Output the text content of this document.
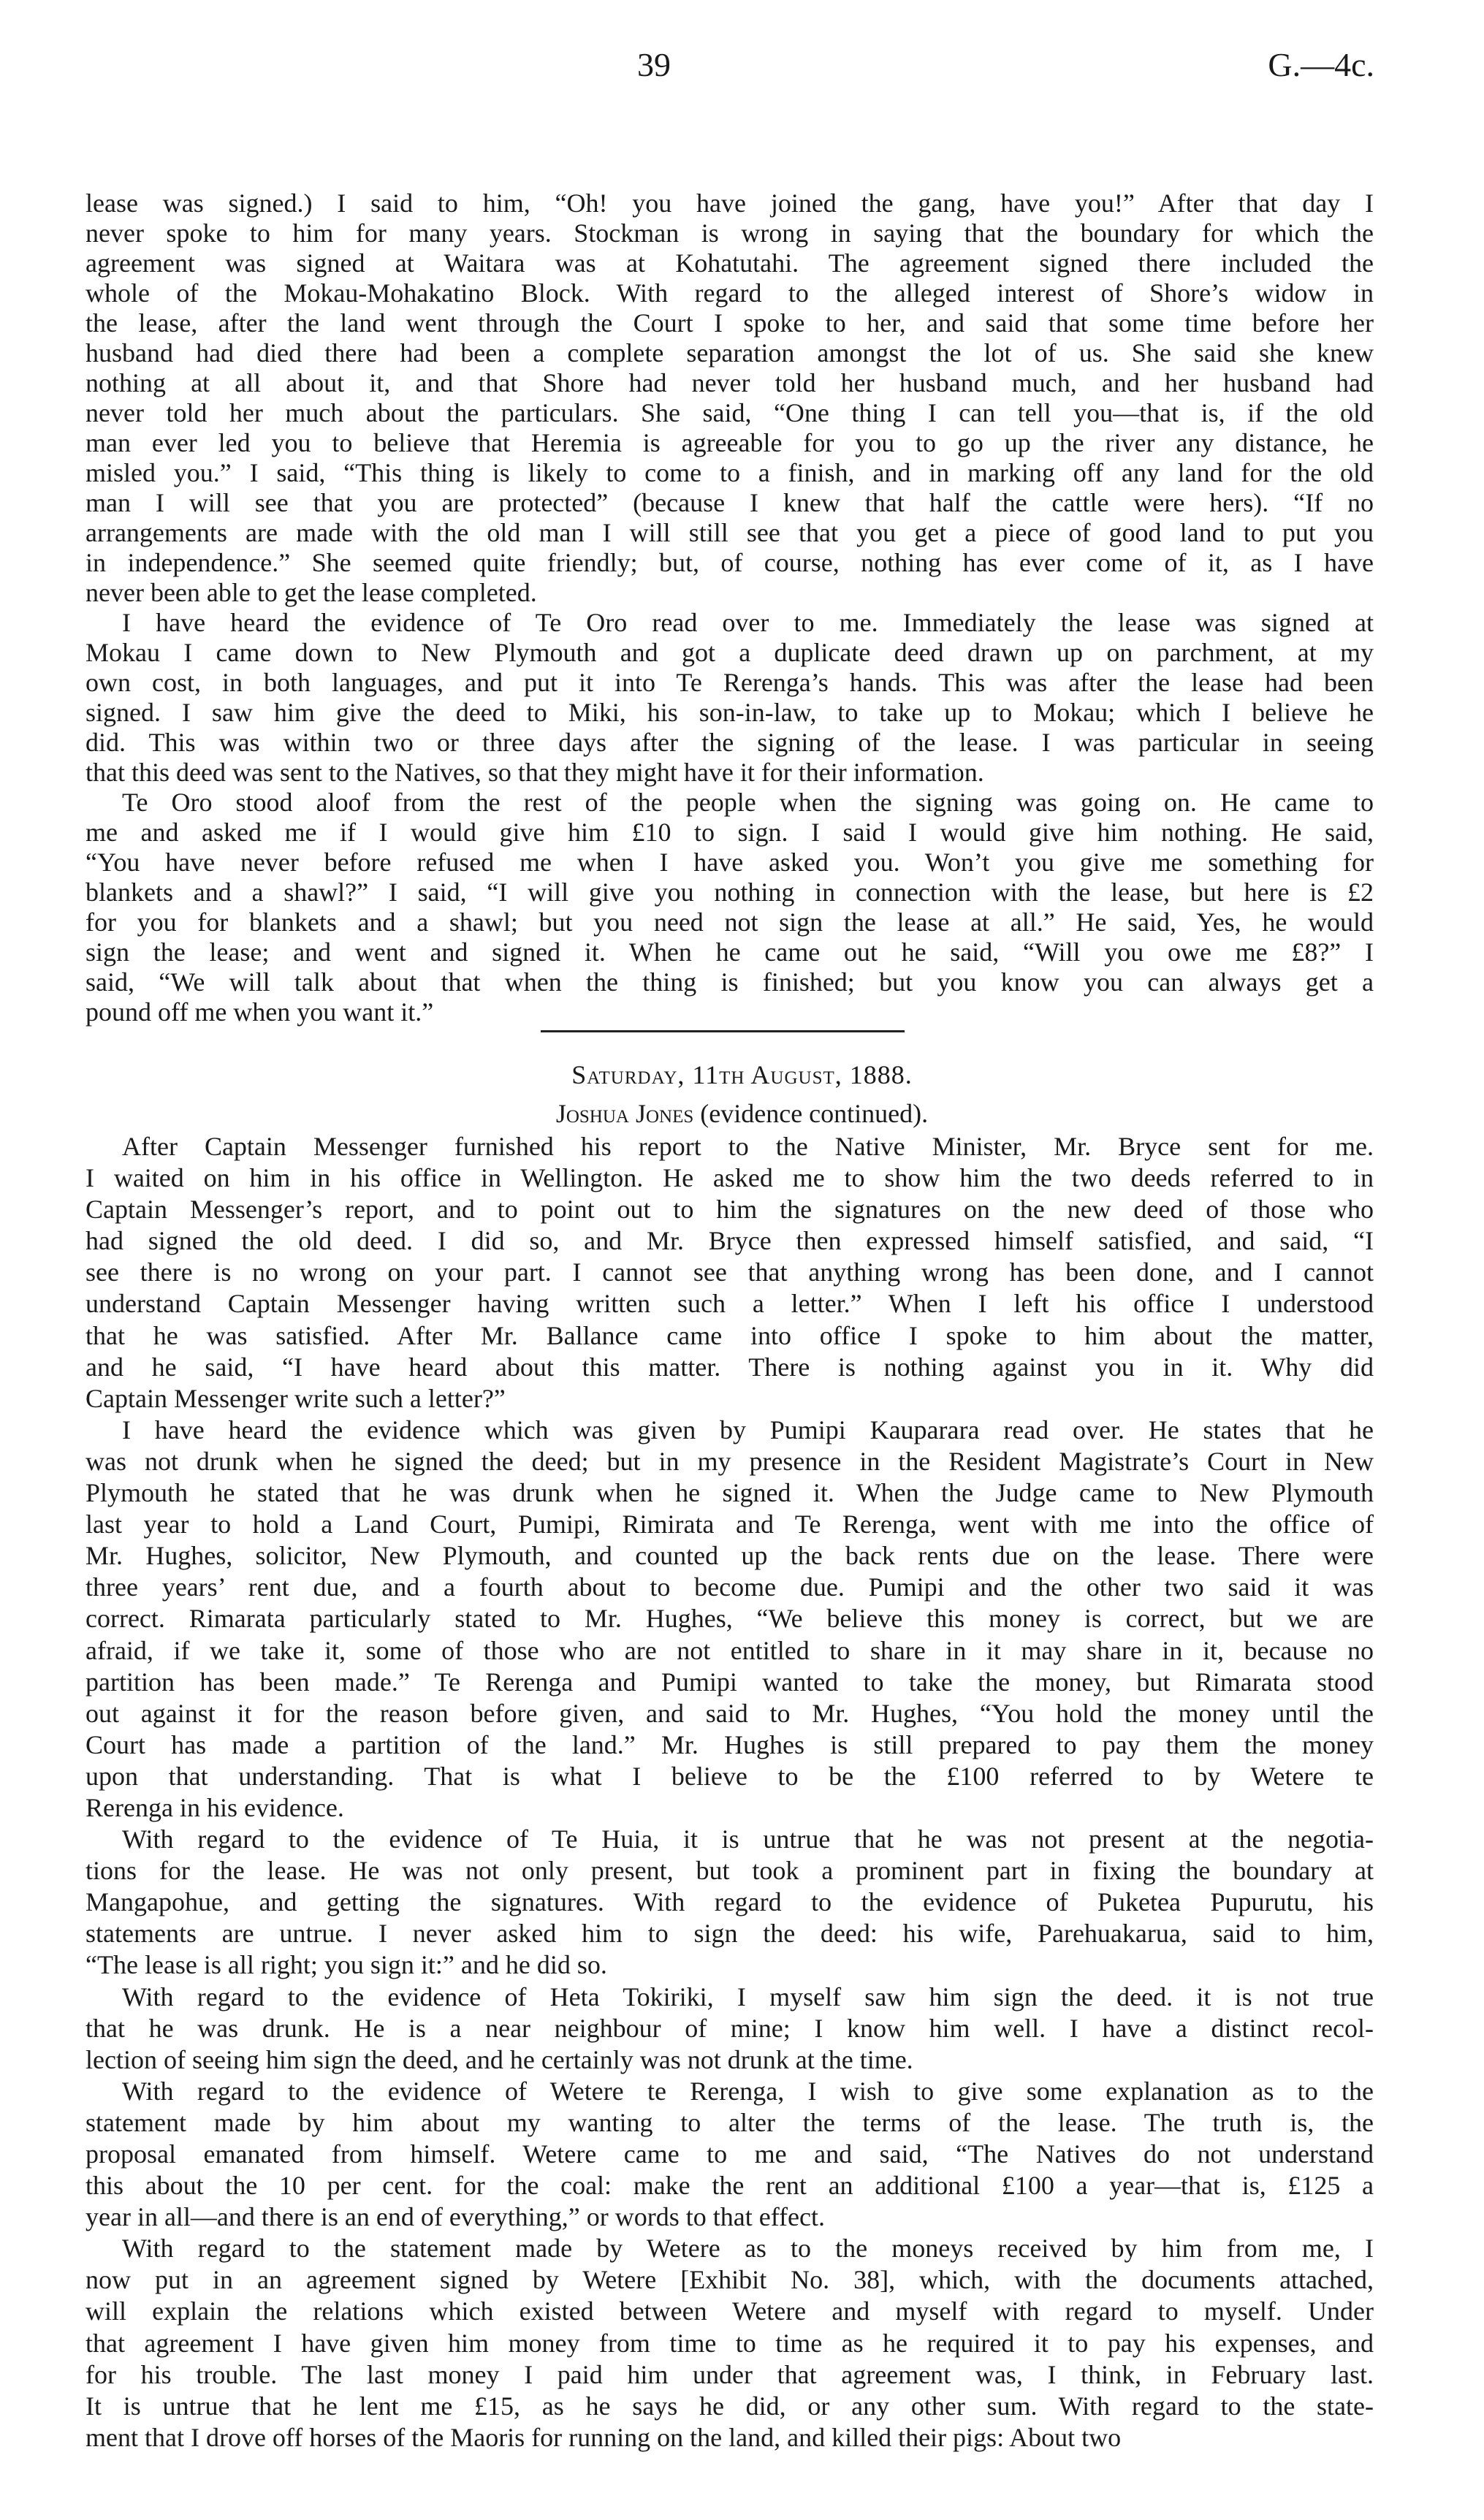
39	G.—4c.
lease was signed.) I said to him, “Oh! you have joined the gang, have you!” After that day I
never spoke to him for many years. Stockman is wrong in saying that the boundary for which the
agreement was signed at Waitara was at Kohatutahi. The agreement signed there included the
whole of the Mokau-Mohakatino Block. With regard to the alleged interest of Shore’s widow in
the lease, after the land went through the Court I spoke to her, and said that some time before her
husband had died there had been a complete separation amongst the lot of us. She said she knew
nothing at all about it, and that Shore had never told her husband much, and her husband had
never told her much about the particulars. She said, “One thing I can tell you—that is, if the old
man ever led you to believe that Heremia is agreeable for you to go up the river any distance, he
misled you.” I said, “This thing is likely to come to a finish, and in marking off any land for the old
man I will see that you are protected” (because I knew that half the cattle were hers). “If no
arrangements are made with the old man I will still see that you get a piece of good land to put you
in independence.” She seemed quite friendly; but, of course, nothing has ever come of it, as I have
never been able to get the lease completed.
I have heard the evidence of Te Oro read over to me. Immediately the lease was signed at
Mokau I came down to New Plymouth and got a duplicate deed drawn up on parchment, at my
own cost, in both languages, and put it into Te Rerenga’s hands. This was after the lease had been
signed. I saw him give the deed to Miki, his son-in-law, to take up to Mokau; which I believe he
did. This was within two or three days after the signing of the lease. I was particular in seeing
that this deed was sent to the Natives, so that they might have it for their information.
Te Oro stood aloof from the rest of the people when the signing was going on. He came to
me and asked me if I would give him £10 to sign. I said I would give him nothing. He said,
“You have never before refused me when I have asked you. Won’t you give me something for
blankets and a shawl?” I said, “I will give you nothing in connection with the lease, but here is £2
for you for blankets and a shawl; but you need not sign the lease at all.” He said, Yes, he would
sign the lease; and went and signed it. When he came out he said, “Will you owe me £8?” I
said, “We will talk about that when the thing is finished; but you know you can always get a
pound off me when you want it.”
Saturday, 11th August, 1888.
Joshua Jones (evidence continued).
After Captain Messenger furnished his report to the Native Minister, Mr. Bryce sent for me.
I waited on him in his office in Wellington. He asked me to show him the two deeds referred to in
Captain Messenger’s report, and to point out to him the signatures on the new deed of those who
had signed the old deed. I did so, and Mr. Bryce then expressed himself satisfied, and said, “I
see there is no wrong on your part. I cannot see that anything wrong has been done, and I cannot
understand Captain Messenger having written such a letter.” When I left his office I understood
that he was satisfied. After Mr. Ballance came into office I spoke to him about the matter,
and he said, “I have heard about this matter. There is nothing against you in it. Why did
Captain Messenger write such a letter?”
I have heard the evidence which was given by Pumipi Kauparara read over. He states that he
was not drunk when he signed the deed; but in my presence in the Resident Magistrate’s Court in New
Plymouth he stated that he was drunk when he signed it. When the Judge came to New Plymouth
last year to hold a Land Court, Pumipi, Rimirata and Te Rerenga, went with me into the office of
Mr. Hughes, solicitor, New Plymouth, and counted up the back rents due on the lease. There were
three years’ rent due, and a fourth about to become due. Pumipi and the other two said it was
correct. Rimarata particularly stated to Mr. Hughes, “We believe this money is correct, but we are
afraid, if we take it, some of those who are not entitled to share in it may share in it, because no
partition has been made.” Te Rerenga and Pumipi wanted to take the money, but Rimarata stood
out against it for the reason before given, and said to Mr. Hughes, “You hold the money until the
Court has made a partition of the land.” Mr. Hughes is still prepared to pay them the money
upon that understanding. That is what I believe to be the £100 referred to by Wetere te
Rerenga in his evidence.
With regard to the evidence of Te Huia, it is untrue that he was not present at the negotia-
tions for the lease. He was not only present, but took a prominent part in fixing the boundary at
Mangapohue, and getting the signatures. With regard to the evidence of Puketea Pupurutu, his
statements are untrue. I never asked him to sign the deed: his wife, Parehuakarua, said to him,
“The lease is all right; you sign it:” and he did so.
With regard to the evidence of Heta Tokiriki, I myself saw him sign the deed. it is not true
that he was drunk. He is a near neighbour of mine; I know him well. I have a distinct recol-
lection of seeing him sign the deed, and he certainly was not drunk at the time.
With regard to the evidence of Wetere te Rerenga, I wish to give some explanation as to the
statement made by him about my wanting to alter the terms of the lease. The truth is, the
proposal emanated from himself. Wetere came to me and said, “The Natives do not understand
this about the 10 per cent. for the coal: make the rent an additional £100 a year—that is, £125 a
year in all—and there is an end of everything,” or words to that effect.
With regard to the statement made by Wetere as to the moneys received by him from me, I
now put in an agreement signed by Wetere [Exhibit No. 38], which, with the documents attached,
will explain the relations which existed between Wetere and myself with regard to myself. Under
that agreement I have given him money from time to time as he required it to pay his expenses, and
for his trouble. The last money I paid him under that agreement was, I think, in February last.
It is untrue that he lent me £15, as he says he did, or any other sum. With regard to the state-
ment that I drove off horses of the Maoris for running on the land, and killed their pigs: About two
